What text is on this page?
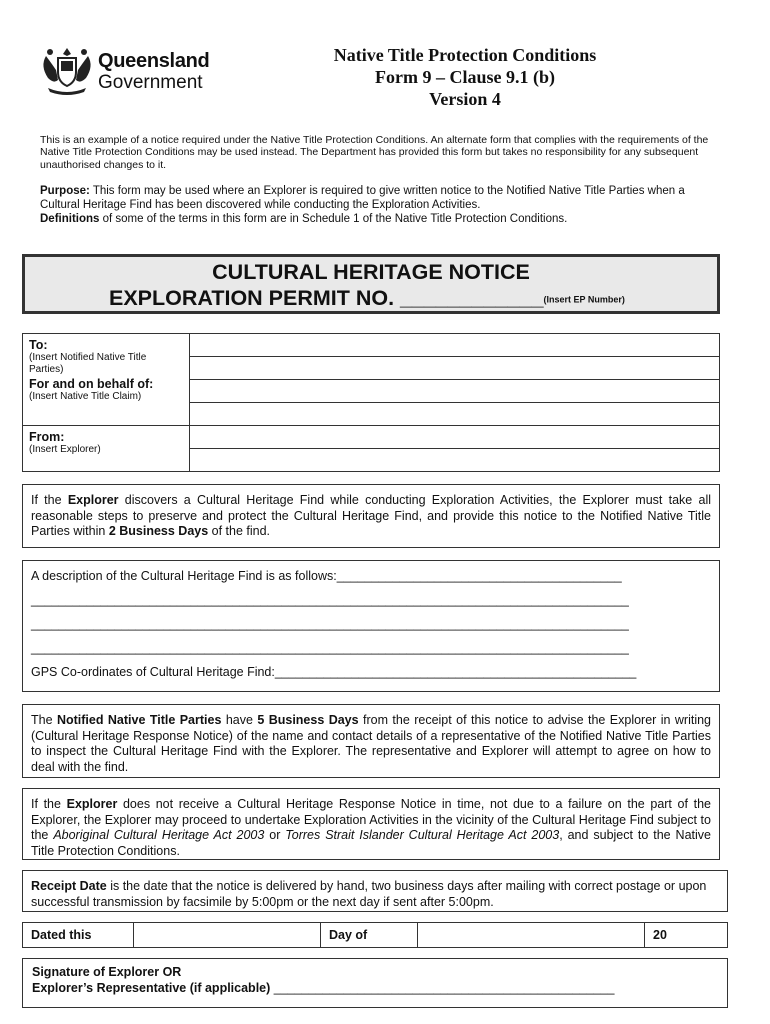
Queensland
Government
Native Title Protection Conditions
Form 9 – Clause 9.1 (b)
Version 4
This is an example of a notice required under the Native Title Protection Conditions. An alternate form that complies with the requirements of the Native Title Protection Conditions may be used instead. The Department has provided this form but takes no responsibility for any subsequent unauthorised changes to it.
Purpose: This form may be used where an Explorer is required to give written notice to the Notified Native Title Parties when a Cultural Heritage Find has been discovered while conducting the Exploration Activities.
Definitions of some of the terms in this form are in Schedule 1 of the Native Title Protection Conditions.
CULTURAL HERITAGE NOTICE
EXPLORATION PERMIT NO. ____________(Insert EP Number)
To:
(Insert Notified Native Title Parties)
For and on behalf of:
(Insert Native Title Claim)	

From:
(Insert Explorer)	

If the Explorer discovers a Cultural Heritage Find while conducting Exploration Activities, the Explorer must take all reasonable steps to preserve and protect the Cultural Heritage Find, and provide this notice to the Notified Native Title Parties within 2 Business Days of the find.
A description of the Cultural Heritage Find is as follows:_________________________________________
______________________________________________________________________________________
______________________________________________________________________________________
______________________________________________________________________________________
GPS Co-ordinates of Cultural Heritage Find:____________________________________________________
The Notified Native Title Parties have 5 Business Days from the receipt of this notice to advise the Explorer in writing (Cultural Heritage Response Notice) of the name and contact details of a representative of the Notified Native Title Parties to inspect the Cultural Heritage Find with the Explorer. The representative and Explorer will attempt to agree on how to deal with the find.
If the Explorer does not receive a Cultural Heritage Response Notice in time, not due to a failure on the part of the Explorer, the Explorer may proceed to undertake Exploration Activities in the vicinity of the Cultural Heritage Find subject to the Aboriginal Cultural Heritage Act 2003 or Torres Strait Islander Cultural Heritage Act 2003, and subject to the Native Title Protection Conditions.
Receipt Date is the date that the notice is delivered by hand, two business days after mailing with correct postage or upon successful transmission by facsimile by 5:00pm or the next day if sent after 5:00pm.
Dated this		Day of		20
Signature of Explorer OR
Explorer’s Representative (if applicable) _________________________________________________
